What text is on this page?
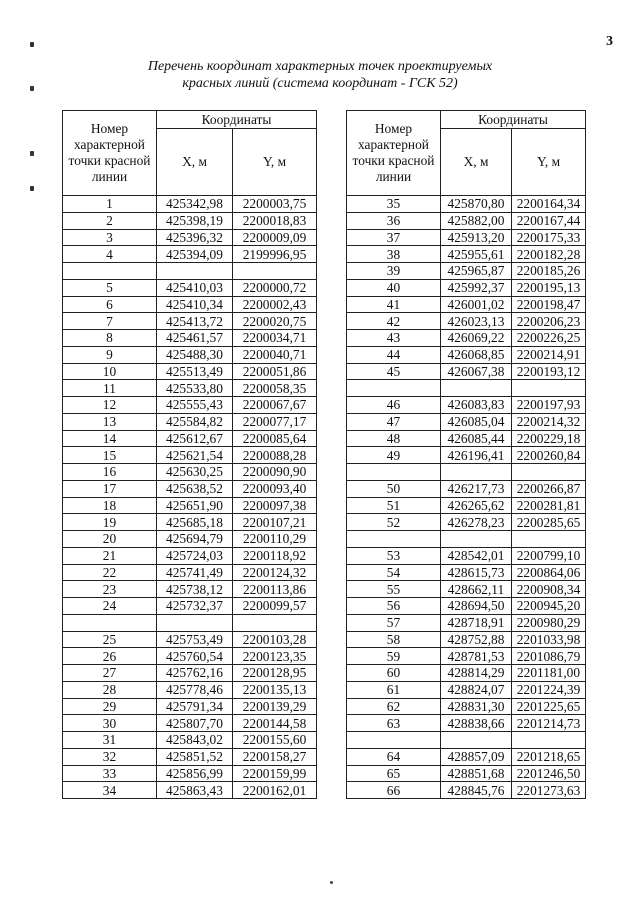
3
Перечень координат характерных точек проектируемых
красных линий (система координат - ГСК 52)
Номер характерной точки красной линии	Координаты	
	X, м	Y, м
1	425342,98	2200003,75
2	425398,19	2200018,83
3	425396,32	2200009,09
4	425394,09	2199996,95

5	425410,03	2200000,72
6	425410,34	2200002,43
7	425413,72	2200020,75
8	425461,57	2200034,71
9	425488,30	2200040,71
10	425513,49	2200051,86
11	425533,80	2200058,35
12	425555,43	2200067,67
13	425584,82	2200077,17
14	425612,67	2200085,64
15	425621,54	2200088,28
16	425630,25	2200090,90
17	425638,52	2200093,40
18	425651,90	2200097,38
19	425685,18	2200107,21
20	425694,79	2200110,29
21	425724,03	2200118,92
22	425741,49	2200124,32
23	425738,12	2200113,86
24	425732,37	2200099,57

25	425753,49	2200103,28
26	425760,54	2200123,35
27	425762,16	2200128,95
28	425778,46	2200135,13
29	425791,34	2200139,29
30	425807,70	2200144,58
31	425843,02	2200155,60
32	425851,52	2200158,27
33	425856,99	2200159,99
34	425863,43	2200162,01
Номер характерной точки красной линии	Координаты	
	X, м	Y, м
35	425870,80	2200164,34
36	425882,00	2200167,44
37	425913,20	2200175,33
38	425955,61	2200182,28
39	425965,87	2200185,26
40	425992,37	2200195,13
41	426001,02	2200198,47
42	426023,13	2200206,23
43	426069,22	2200226,25
44	426068,85	2200214,91
45	426067,38	2200193,12

46	426083,83	2200197,93
47	426085,04	2200214,32
48	426085,44	2200229,18
49	426196,41	2200260,84

50	426217,73	2200266,87
51	426265,62	2200281,81
52	426278,23	2200285,65

53	428542,01	2200799,10
54	428615,73	2200864,06
55	428662,11	2200908,34
56	428694,50	2200945,20
57	428718,91	2200980,29
58	428752,88	2201033,98
59	428781,53	2201086,79
60	428814,29	2201181,00
61	428824,07	2201224,39
62	428831,30	2201225,65
63	428838,66	2201214,73

64	428857,09	2201218,65
65	428851,68	2201246,50
66	428845,76	2201273,63
